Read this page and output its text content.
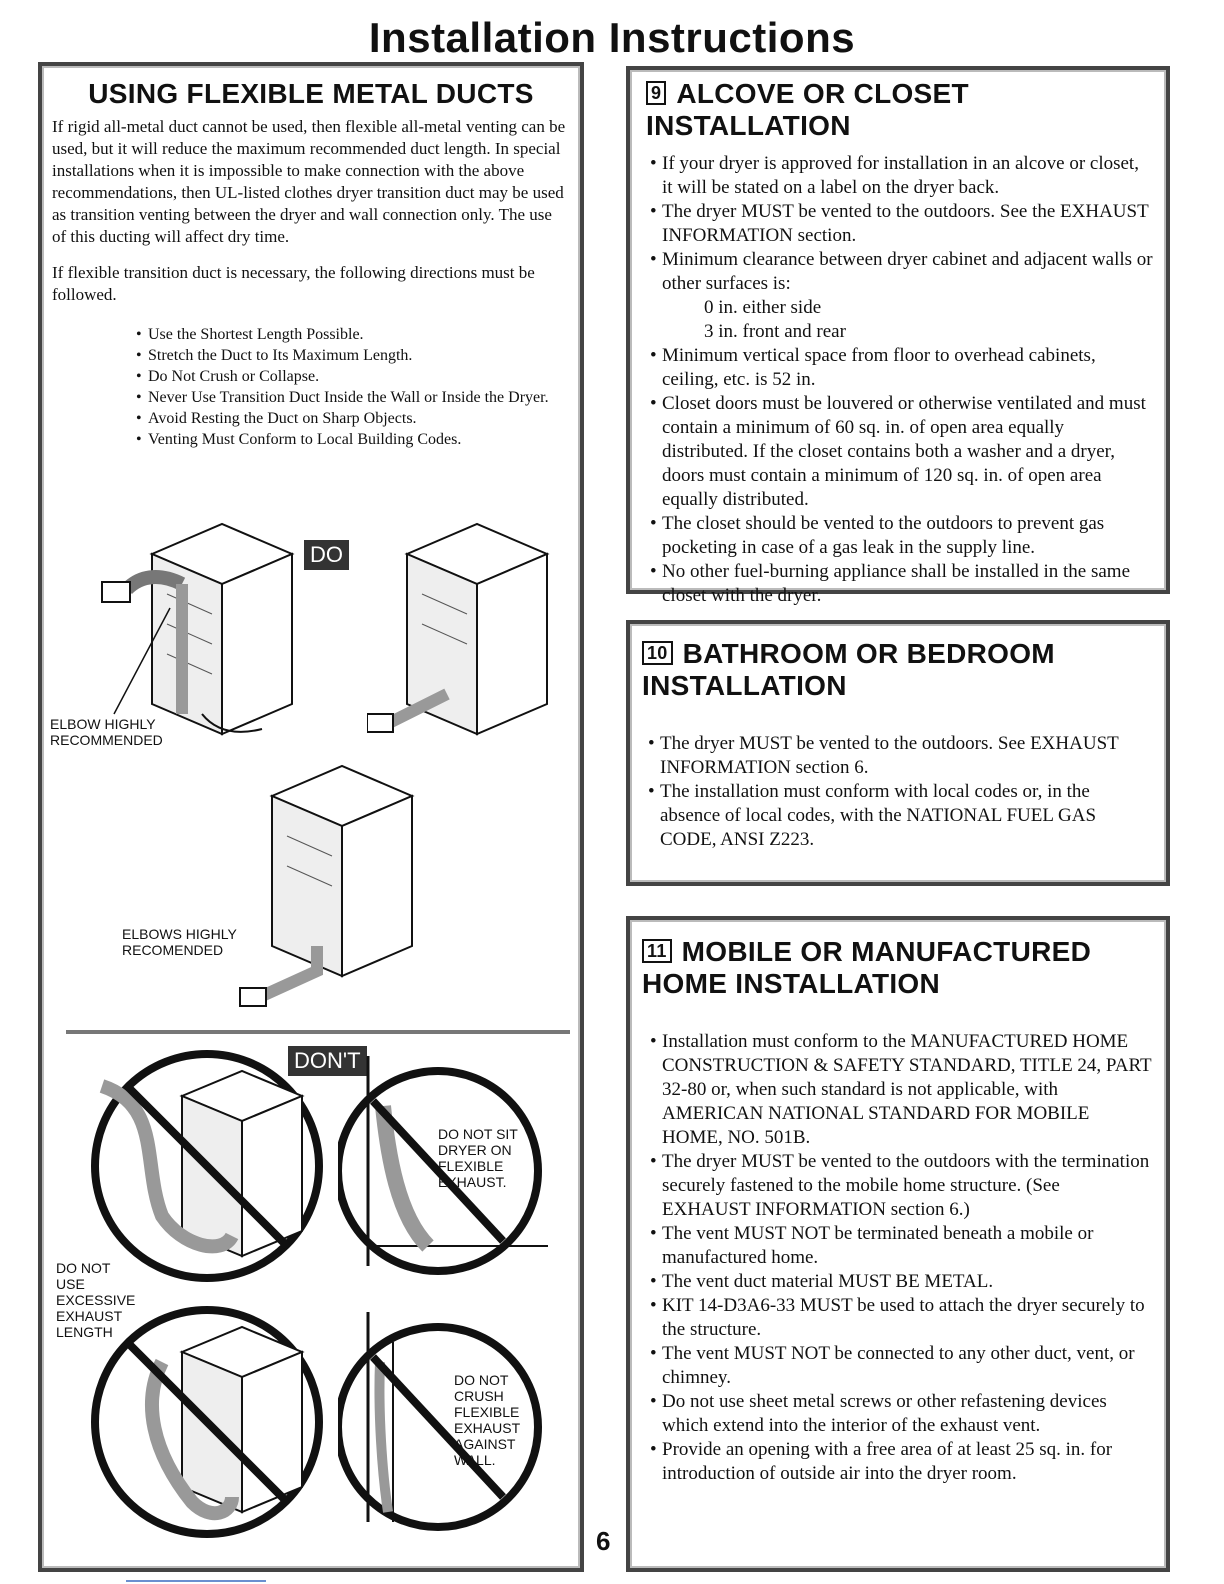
Installation Instructions
USING FLEXIBLE METAL DUCTS

If rigid all-metal duct cannot be used, then flexible all-metal venting can be used, but it will reduce the maximum recommended duct length. In special installations when it is impossible to make connection with the above recommendations, then UL-listed clothes dryer transition duct may be used as transition venting between the dryer and wall connection only. The use of this ducting will affect dry time.

If flexible transition duct is necessary, the following directions must be followed.

• Use the Shortest Length Possible.
• Stretch the Duct to Its Maximum Length.
• Do Not Crush or Collapse.
• Never Use Transition Duct Inside the Wall or Inside the Dryer.
• Avoid Resting the Duct on Sharp Objects.
• Venting Must Conform to Local Building Codes.
DO
ELBOW HIGHLY RECOMMENDED
ELBOWS HIGHLY RECOMENDED
DON'T
DO NOT SIT DRYER ON FLEXIBLE EXHAUST.
DO NOT USE EXCESSIVE EXHAUST LENGTH
DO NOT CRUSH FLEXIBLE EXHAUST AGAINST WALL.
6
9 ALCOVE OR CLOSET INSTALLATION
• If your dryer is approved for installation in an alcove or closet, it will be stated on a label on the dryer back.
• The dryer MUST be vented to the outdoors. See the EXHAUST INFORMATION section.
• Minimum clearance between dryer cabinet and adjacent walls or other surfaces is:
0 in. either side
3 in. front and rear
• Minimum vertical space from floor to overhead cabinets, ceiling, etc. is 52 in.
• Closet doors must be louvered or otherwise ventilated and must contain a minimum of 60 sq. in. of open area equally distributed. If the closet contains both a washer and a dryer, doors must contain a minimum of 120 sq. in. of open area equally distributed.
• The closet should be vented to the outdoors to prevent gas pocketing in case of a gas leak in the supply line.
• No other fuel-burning appliance shall be installed in the same closet with the dryer.
10 BATHROOM OR BEDROOM
INSTALLATION
• The dryer MUST be vented to the outdoors. See EXHAUST INFORMATION section 6.
• The installation must conform with local codes or, in the absence of local codes, with the NATIONAL FUEL GAS CODE, ANSI Z223.
11 MOBILE OR MANUFACTURED
HOME INSTALLATION
• Installation must conform to the MANUFACTURED HOME CONSTRUCTION & SAFETY STANDARD, TITLE 24, PART 32-80 or, when such standard is not applicable, with AMERICAN NATIONAL STANDARD FOR MOBILE HOME, NO. 501B.
• The dryer MUST be vented to the outdoors with the termination securely fastened to the mobile home structure. (See EXHAUST INFORMATION section 6.)
• The vent MUST NOT be terminated beneath a mobile or manufactured home.
• The vent duct material MUST BE METAL.
• KIT 14-D3A6-33 MUST be used to attach the dryer securely to the structure.
• The vent MUST NOT be connected to any other duct, vent, or chimney.
• Do not use sheet metal screws or other refastening devices which extend into the interior of the exhaust vent.
• Provide an opening with a free area of at least 25 sq. in. for introduction of outside air into the dryer room.
